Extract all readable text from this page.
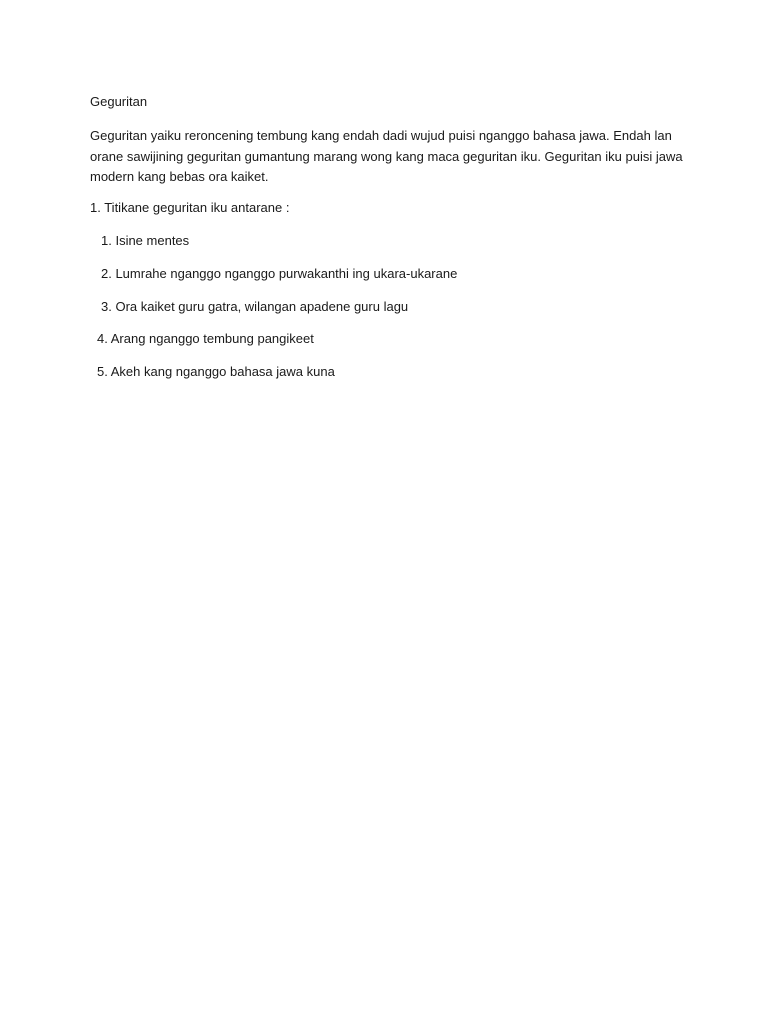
Geguritan

Geguritan yaiku reroncening tembung kang endah dadi wujud puisi nganggo bahasa jawa. Endah lan
orane sawijining geguritan gumantung marang wong kang maca geguritan iku. Geguritan iku puisi jawa
modern kang bebas ora kaiket.

1. Titikane geguritan iku antarane :

1. Isine mentes

2. Lumrahe nganggo nganggo purwakanthi ing ukara-ukarane

3. Ora kaiket guru gatra, wilangan apadene guru lagu

4. Arang nganggo tembung pangikeet

5. Akeh kang nganggo bahasa jawa kuna
